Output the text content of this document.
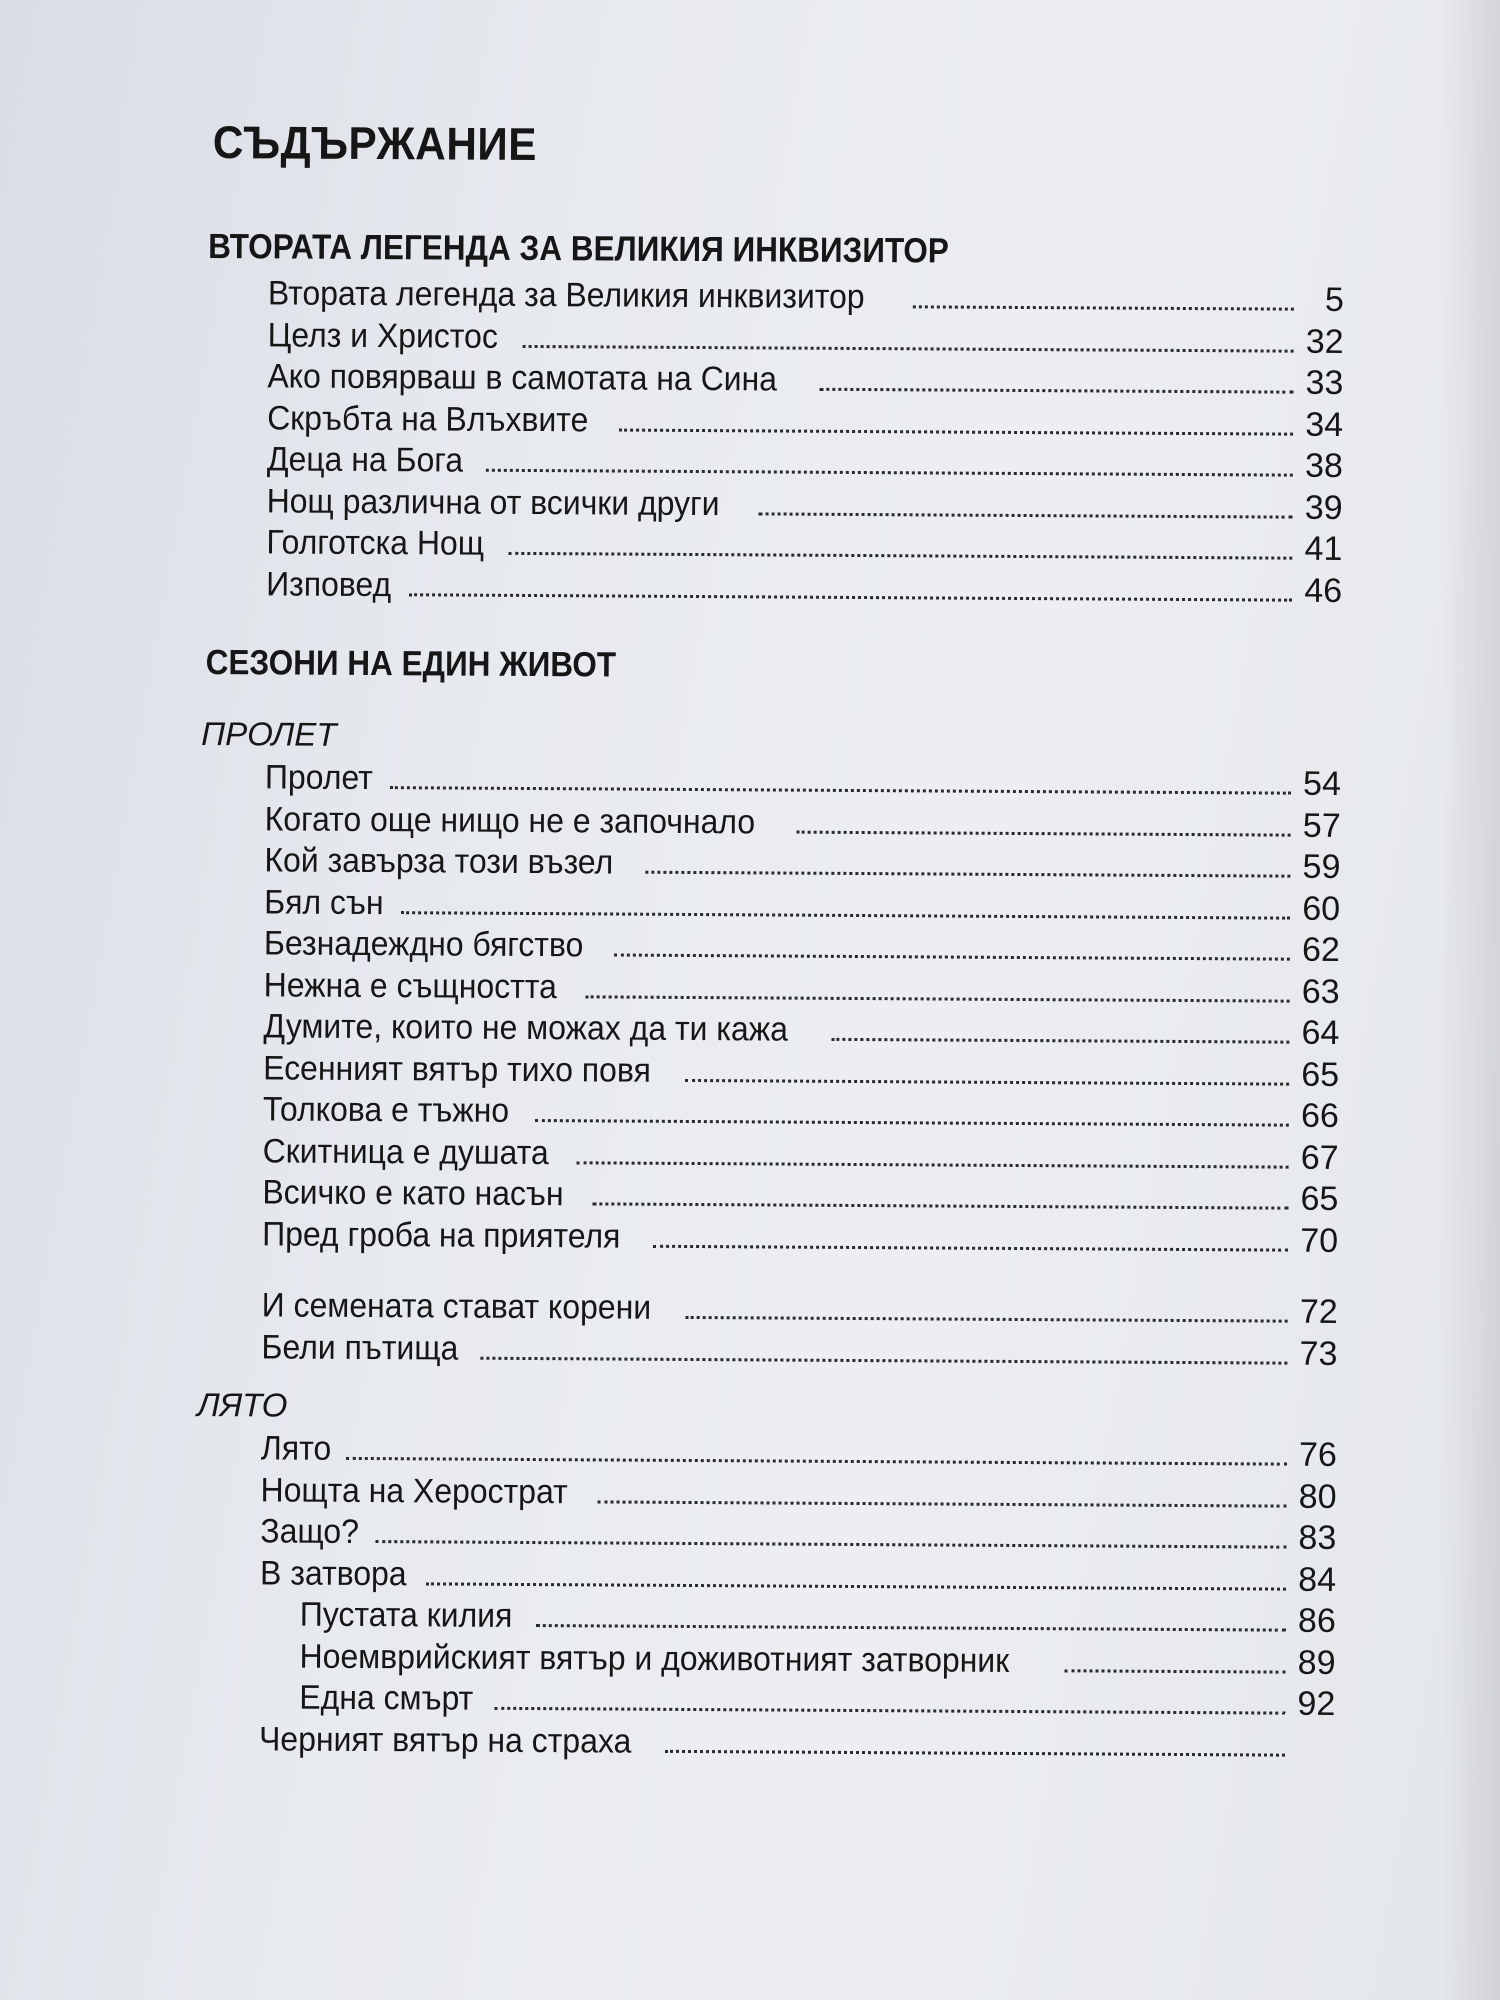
СЪДЪРЖАНИЕ
ВТОРАТА ЛЕГЕНДА ЗА ВЕЛИКИЯ ИНКВИЗИТОР
Втората легенда за Великия инквизитор	5
Целз и Христос	32
Ако повярваш в самотата на Сина	33
Скръбта на Влъхвите	34
Деца на Бога	38
Нощ различна от всички други	39
Голготска Нощ	41
Изповед	46
СЕЗОНИ НА ЕДИН ЖИВОТ
ПРОЛЕТ
Пролет	54
Когато още нищо не е започнало	57
Кой завърза този възел	59
Бял сън	60
Безнадеждно бягство	62
Нежна е същността	63
Думите, които не можах да ти кажа	64
Есенният вятър тихо повя	65
Толкова е тъжно	66
Скитница е душата	67
Всичко е като насън	65
Пред гроба на приятеля	70
И семената стават корени	72
Бели пътища	73
ЛЯТО
Лято	76
Нощта на Херострат	80
Защо?	83
В затвора	84
Пустата килия	86
Ноемврийският вятър и доживотният затворник	89
Една смърт	92
Черният вятър на страха
